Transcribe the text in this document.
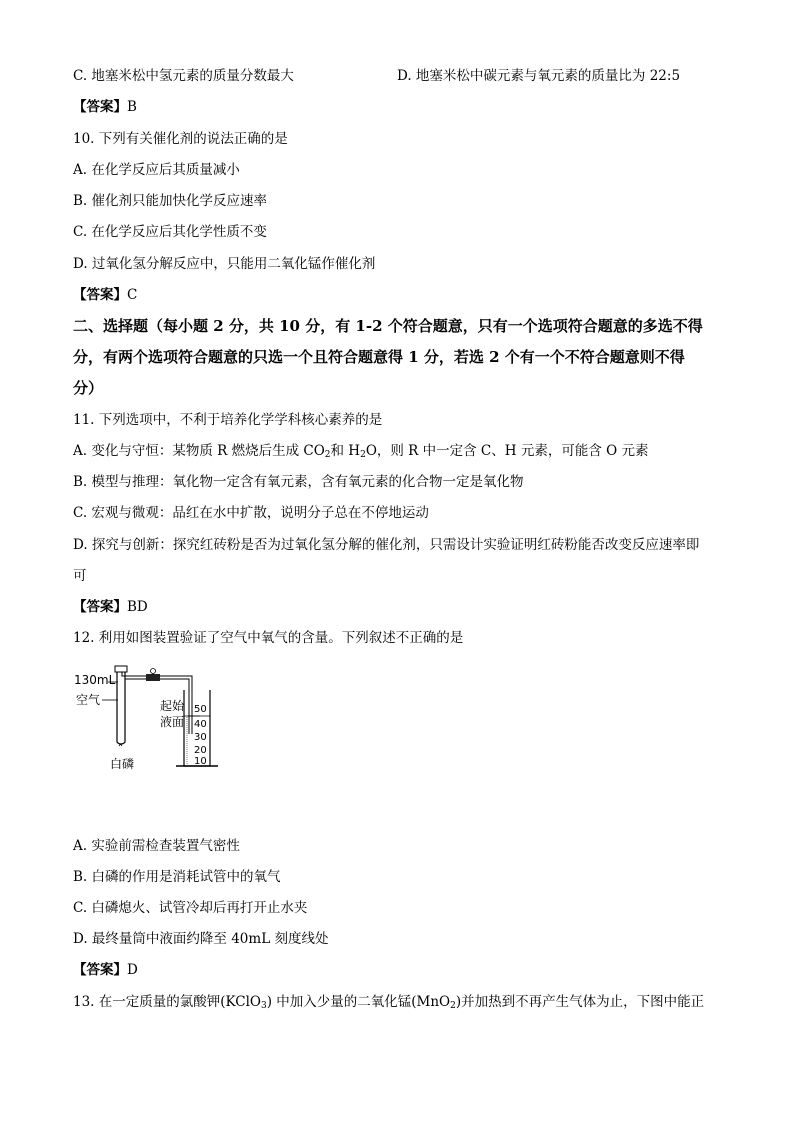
C. 地塞米松中氢元素的质量分数最大	D. 地塞米松中碳元素与氧元素的质量比为 22:5
【答案】B
10. 下列有关催化剂的说法正确的是
A. 在化学反应后其质量减小
B. 催化剂只能加快化学反应速率
C. 在化学反应后其化学性质不变
D. 过氧化氢分解反应中，只能用二氧化锰作催化剂
【答案】C
二、选择题（每小题 2 分，共 10 分，有 1-2 个符合题意，只有一个选项符合题意的多选不得
分，有两个选项符合题意的只选一个且符合题意得 1 分，若选 2 个有一个不符合题意则不得
分）
11. 下列选项中，不利于培养化学学科核心素养的是
A. 变化与守恒：某物质 R 燃烧后生成 $CO_2$和 $H_2O$，则 R 中一定含 C、H 元素，可能含 O 元素
B. 模型与推理：氧化物一定含有氧元素，含有氧元素的化合物一定是氧化物
C. 宏观与微观：品红在水中扩散，说明分子总在不停地运动
D. 探究与创新：探究红砖粉是否为过氧化氢分解的催化剂，只需设计实验证明红砖粉能否改变反应速率即
可
【答案】BD
12. 利用如图装置验证了空气中氧气的含量。下列叙述不正确的是
130mL
空气	起始
液面
白磷
50
40
30
20
10
A. 实验前需检查装置气密性
B. 白磷的作用是消耗试管中的氧气
C. 白磷熄火、试管冷却后再打开止水夹
D. 最终量筒中液面约降至 40mL 刻度线处
【答案】D
13. 在一定质量的氯酸钾(KClO$_3$) 中加入少量的二氧化锰(MnO$_2$)并加热到不再产生气体为止，下图中能正
